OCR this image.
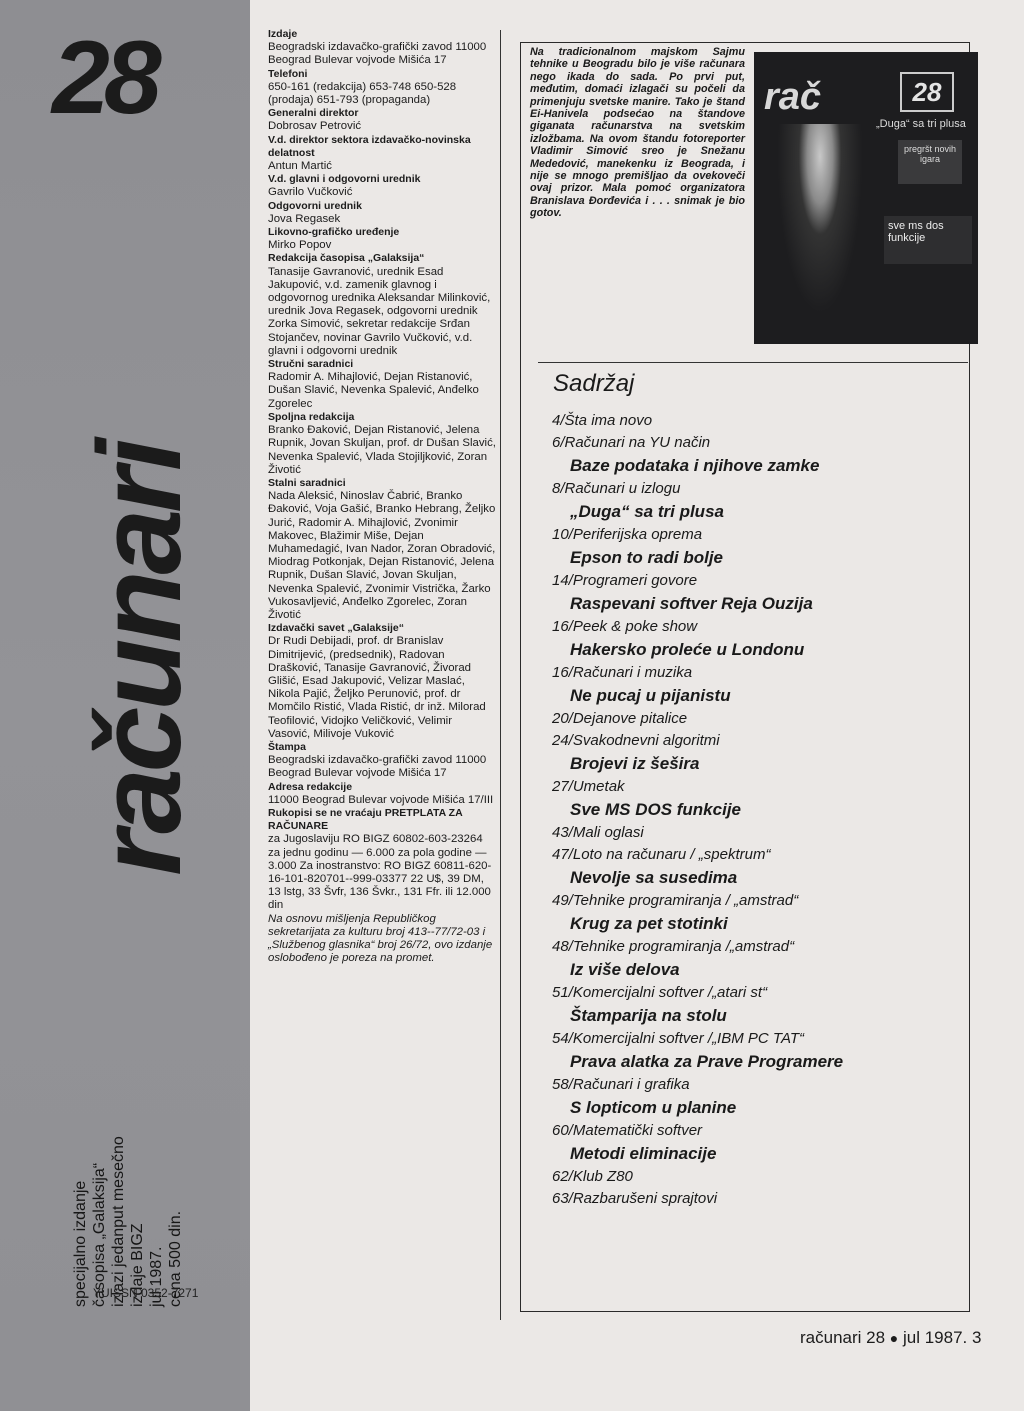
28
računari
specijalno izdanje časopisa „Galaksija“ izlazi jedanput mesečno izdaje BIGZ jul 1987. cena 500 din.
YUISSN 0352-7271
Izdaje
Beogradski izdavačko-grafički zavod 11000 Beograd Bulevar vojvode Mišića 17
Telefoni
650-161 (redakcija) 653-748 650-528 (prodaja) 651-793 (propaganda)
Generalni direktor
Dobrosav Petrović
V.d. direktor sektora izdavačko-novinska delatnost
Antun Martić
V.d. glavni i odgovorni urednik
Gavrilo Vučković
Odgovorni urednik
Jova Regasek
Likovno-grafičko uređenje
Mirko Popov
Redakcija časopisa „Galaksija“
Tanasije Gavranović, urednik Esad Jakupović, v.d. zamenik glavnog i odgovornog urednika Aleksandar Milinković, urednik Jova Regasek, odgovorni urednik Zorka Simović, sekretar redakcije Srđan Stojančev, novinar Gavrilo Vučković, v.d. glavni i odgovorni urednik
Stručni saradnici
Radomir A. Mihajlović, Dejan Ristanović, Dušan Slavić, Nevenka Spalević, Anđelko Zgorelec
Spoljna redakcija
Branko Đaković, Dejan Ristanović, Jelena Rupnik, Jovan Skuljan, prof. dr Dušan Slavić, Nevenka Spalević, Vlada Stojiljković, Zoran Životić
Stalni saradnici
Nada Aleksić, Ninoslav Čabrić, Branko Đaković, Voja Gašić, Branko Hebrang, Željko Jurić, Radomir A. Mihajlović, Zvonimir Makovec, Blažimir Miše, Dejan Muhamedagić, Ivan Nador, Zoran Obradović, Miodrag Potkonjak, Dejan Ristanović, Jelena Rupnik, Dušan Slavić, Jovan Skuljan, Nevenka Spalević, Zvonimir Vistrička, Žarko Vukosavljević, Anđelko Zgorelec, Zoran Životić
Izdavački savet „Galaksije“
Dr Rudi Debijadi, prof. dr Branislav Dimitrijević, (predsednik), Radovan Drašković, Tanasije Gavranović, Živorad Glišić, Esad Jakupović, Velizar Maslać, Nikola Pajić, Željko Perunović, prof. dr Momčilo Ristić, Vlada Ristić, dr inž. Milorad Teofilović, Vidojko Veličković, Velimir Vasović, Milivoje Vuković
Štampa
Beogradski izdavačko-grafički zavod 11000 Beograd Bulevar vojvode Mišića 17
Adresa redakcije
11000 Beograd Bulevar vojvode Mišića 17/III
Rukopisi se ne vraćaju PRETPLATA ZA RAČUNARE
za Jugoslaviju RO BIGZ 60802-603-23264 za jednu godinu — 6.000 za pola godine — 3.000 Za inostranstvo: RO BIGZ 60811-620-16-101-820701--999-03377 22 U$, 39 DM, 13 lstg, 33 Švfr, 136 Švkr., 131 Ffr. ili 12.000 din
Na osnovu mišljenja Republičkog sekretarijata za kulturu broj 413--77/72-03 i „Službenog glasnika“ broj 26/72, ovo izdanje oslobođeno je poreza na promet.
Na tradicionalnom majskom Sajmu tehnike u Beogradu bilo je više računara nego ikada do sada. Po prvi put, međutim, domaći izlagači su počeli da primenjuju svetske manire. Tako je štand Ei-Hanivela podsećao na štandove giganata računarstva na svetskim izložbama. Na ovom štandu fotoreporter Vladimir Simović sreo je Snežanu Mededović, manekenku iz Beograda, i nije se mnogo premišljao da ovekoveči ovaj prizor. Mala pomoć organizatora Branislava Đorđevića i . . . snimak je bio gotov.
rač	28
„Duga“ sa tri plusa
pregršt novih igara
sve ms dos funkcije
Sadržaj
4/Šta ima novo
6/Računari na YU način
Baze podataka i njihove zamke
8/Računari u izlogu
„Duga“ sa tri plusa
10/Periferijska oprema
Epson to radi bolje
14/Programeri govore
Raspevani softver Reja Ouzija
16/Peek & poke show
Hakersko proleće u Londonu
16/Računari i muzika
Ne pucaj u pijanistu
20/Dejanove pitalice
24/Svakodnevni algoritmi
Brojevi iz šešira
27/Umetak
Sve MS DOS funkcije
43/Mali oglasi
47/Loto na računaru / „spektrum“
Nevolje sa susedima
49/Tehnike programiranja / „amstrad“
Krug za pet stotinki
48/Tehnike programiranja /„amstrad“
Iz više delova
51/Komercijalni softver /„atari st“
Štamparija na stolu
54/Komercijalni softver /„IBM PC TAT“
Prava alatka za Prave Programere
58/Računari i grafika
S lopticom u planine
60/Matematički softver
Metodi eliminacije
62/Klub Z80
63/Razbarušeni sprajtovi
računari 28 ● jul 1987. 3
